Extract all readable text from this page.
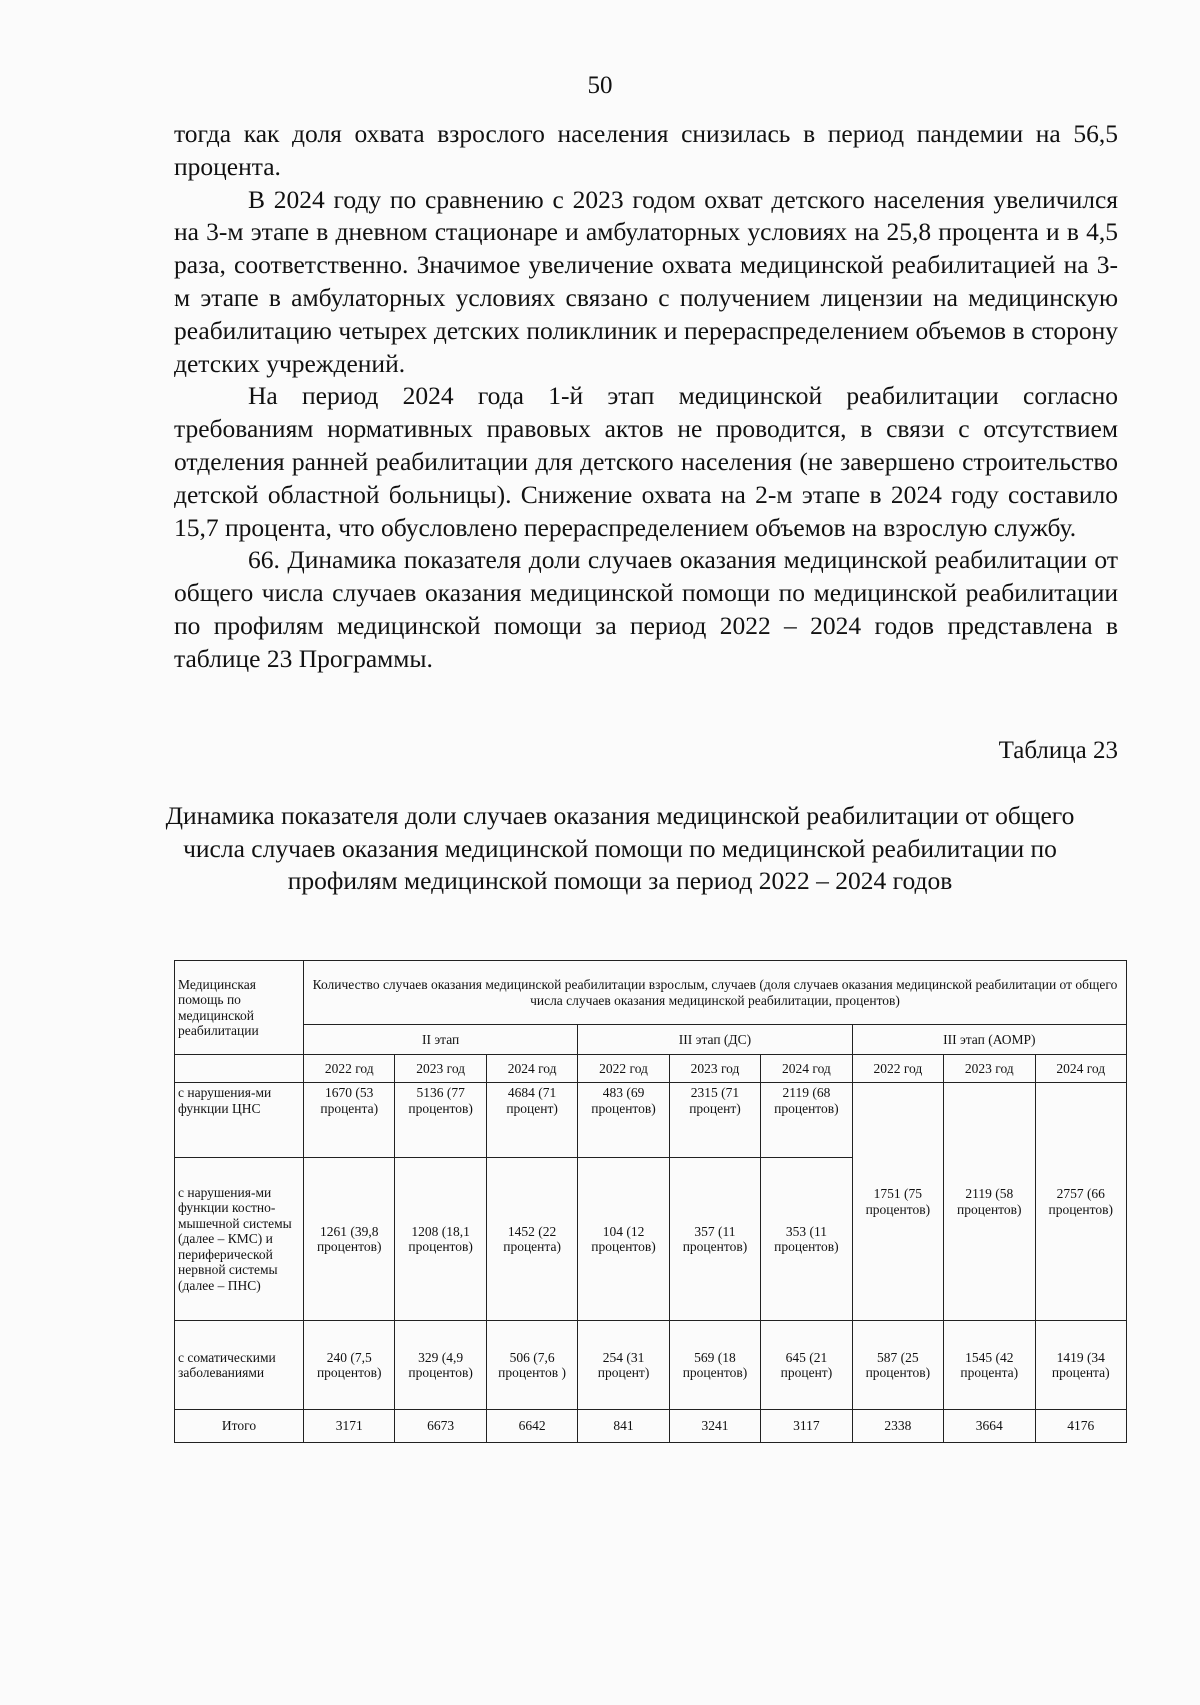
50

тогда как доля охвата взрослого населения снизилась в период пандемии на 56,5 процента.

В 2024 году по сравнению с 2023 годом охват детского населения увеличился на 3-м этапе в дневном стационаре и амбулаторных условиях на 25,8 процента и в 4,5 раза, соответственно. Значимое увеличение охвата медицинской реабилитацией на 3-м этапе в амбулаторных условиях связано с получением лицензии на медицинскую реабилитацию четырех детских поликлиник и перераспределением объемов в сторону детских учреждений.

На период 2024 года 1-й этап медицинской реабилитации согласно требованиям нормативных правовых актов не проводится, в связи с отсутствием отделения ранней реабилитации для детского населения (не завершено строительство детской областной больницы). Снижение охвата на 2-м этапе в 2024 году составило 15,7 процента, что обусловлено перераспределением объемов на взрослую службу.

66. Динамика показателя доли случаев оказания медицинской реабилитации от общего числа случаев оказания медицинской помощи по медицинской реабилитации по профилям медицинской помощи за период 2022 – 2024 годов представлена в таблице 23 Программы.

Таблица 23
Динамика показателя доли случаев оказания медицинской реабилитации от общего числа случаев оказания медицинской помощи по медицинской реабилитации по профилям медицинской помощи за период 2022 – 2024 годов
Медицинская помощь по медицинской реабилитации	Количество случаев оказания медицинской реабилитации взрослым, случаев (доля случаев оказания медицинской реабилитации от общего числа случаев оказания медицинской реабилитации, процентов)								
	II этап			III этап (ДС)			III этап (АОМР)		
	2022 год	2023 год	2024 год	2022 год	2023 год	2024 год	2022 год	2023 год	2024 год
с нарушения-ми функции ЦНС	1670 (53 процента)	5136 (77 процентов)	4684 (71 процент)	483 (69 процентов)	2315 (71 процент)	2119 (68 процентов)	1751 (75 процентов)	2119 (58 процентов)	2757 (66 процентов)
с нарушения-ми функции костно-мышечной системы (далее – КМС) и периферической нервной системы (далее – ПНС)	1261 (39,8 процентов)	1208 (18,1 процентов)	1452 (22 процента)	104 (12 процентов)	357 (11 процентов)	353 (11 процентов)			
с соматическими заболеваниями	240 (7,5 процентов)	329 (4,9 процентов)	506 (7,6 процентов )	254 (31 процент)	569 (18 процентов)	645 (21 процент)	587 (25 процентов)	1545 (42 процента)	1419 (34 процента)
Итого	3171	6673	6642	841	3241	3117	2338	3664	4176
